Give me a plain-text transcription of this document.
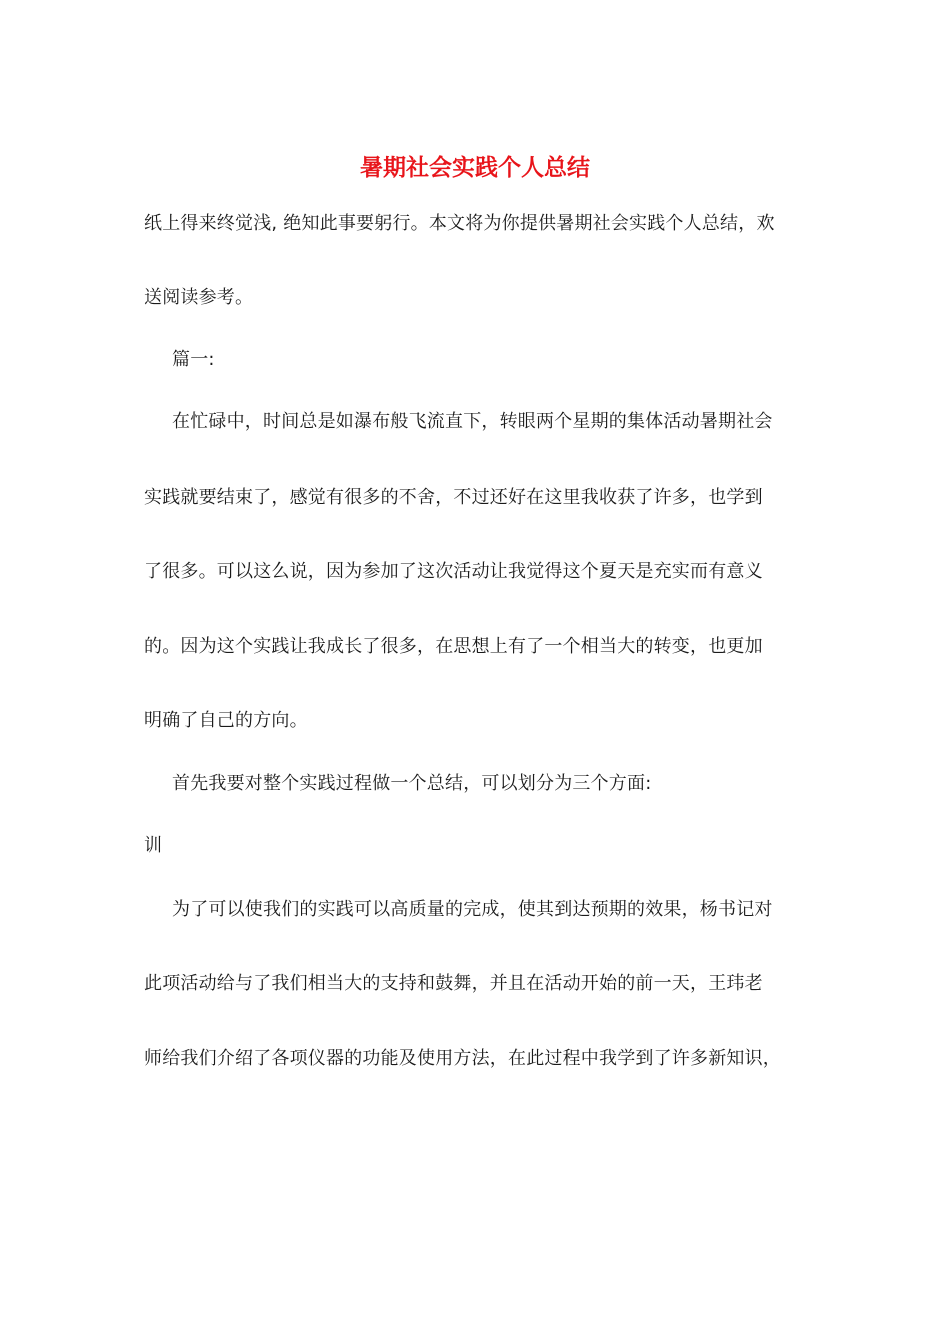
暑期社会实践个人总结

纸上得来终觉浅, 绝知此事要躬行。本文将为你提供暑期社会实践个人总结，欢

送阅读参考。

篇一:

在忙碌中，时间总是如瀑布般飞流直下，转眼两个星期的集体活动暑期社会

实践就要结束了，感觉有很多的不舍，不过还好在这里我收获了许多，也学到

了很多。可以这么说，因为参加了这次活动让我觉得这个夏天是充实而有意义

的。因为这个实践让我成长了很多，在思想上有了一个相当大的转变，也更加

明确了自己的方向。

首先我要对整个实践过程做一个总结，可以划分为三个方面:

训

为了可以使我们的实践可以高质量的完成，使其到达预期的效果，杨书记对

此项活动给与了我们相当大的支持和鼓舞，并且在活动开始的前一天，王玮老

师给我们介绍了各项仪器的功能及使用方法，在此过程中我学到了许多新知识，
